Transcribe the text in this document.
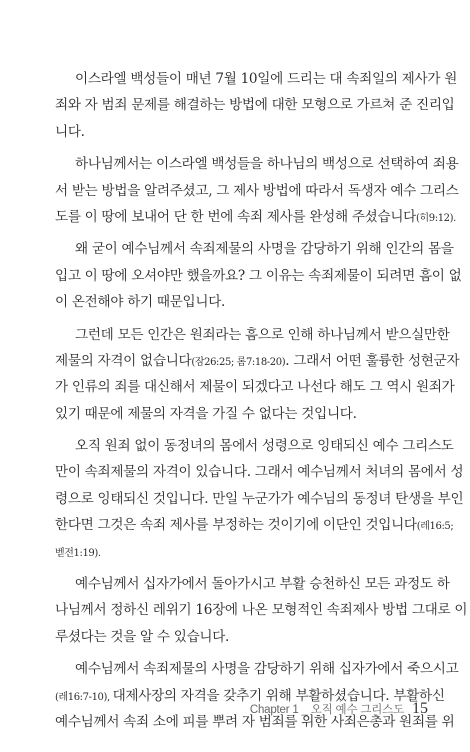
이스라엘 백성들이 매년 7월 10일에 드리는 대 속죄일의 제사가 원
죄와 자 범죄 문제를 해결하는 방법에 대한 모형으로 가르쳐 준 진리입
니다.

하나님께서는 이스라엘 백성들을 하나님의 백성으로 선택하여 죄용
서 받는 방법을 알려주셨고, 그 제사 방법에 따라서 독생자 예수 그리스
도를 이 땅에 보내어 단 한 번에 속죄 제사를 완성해 주셨습니다(히9:12).

왜 굳이 예수님께서 속죄제물의 사명을 감당하기 위해 인간의 몸을
입고 이 땅에 오셔야만 했을까요? 그 이유는 속죄제물이 되려면 흠이 없
이 온전해야 하기 때문입니다.

그런데 모든 인간은 원죄라는 흠으로 인해 하나님께서 받으실만한
제물의 자격이 없습니다(잠26:25; 롬7:18-20). 그래서 어떤 훌륭한 성현군자
가 인류의 죄를 대신해서 제물이 되겠다고 나선다 해도 그 역시 원죄가
있기 때문에 제물의 자격을 가질 수 없다는 것입니다.

오직 원죄 없이 동정녀의 몸에서 성령으로 잉태되신 예수 그리스도
만이 속죄제물의 자격이 있습니다. 그래서 예수님께서 처녀의 몸에서 성
령으로 잉태되신 것입니다. 만일 누군가가 예수님의 동정녀 탄생을 부인
한다면 그것은 속죄 제사를 부정하는 것이기에 이단인 것입니다(레16:5;
벧전1:19).

예수님께서 십자가에서 돌아가시고 부활 승천하신 모든 과정도 하
나님께서 정하신 레위기 16장에 나온 모형적인 속죄제사 방법 그대로 이
루셨다는 것을 알 수 있습니다.

예수님께서 속죄제물의 사명을 감당하기 위해 십자가에서 죽으시고
(레16:7-10), 대제사장의 자격을 갖추기 위해 부활하셨습니다. 부활하신
예수님께서 속죄 소에 피를 뿌려 자 범죄를 위한 사죄은총과 원죄를 위

Chapter 1 _ 오직 예수 그리스도 15
